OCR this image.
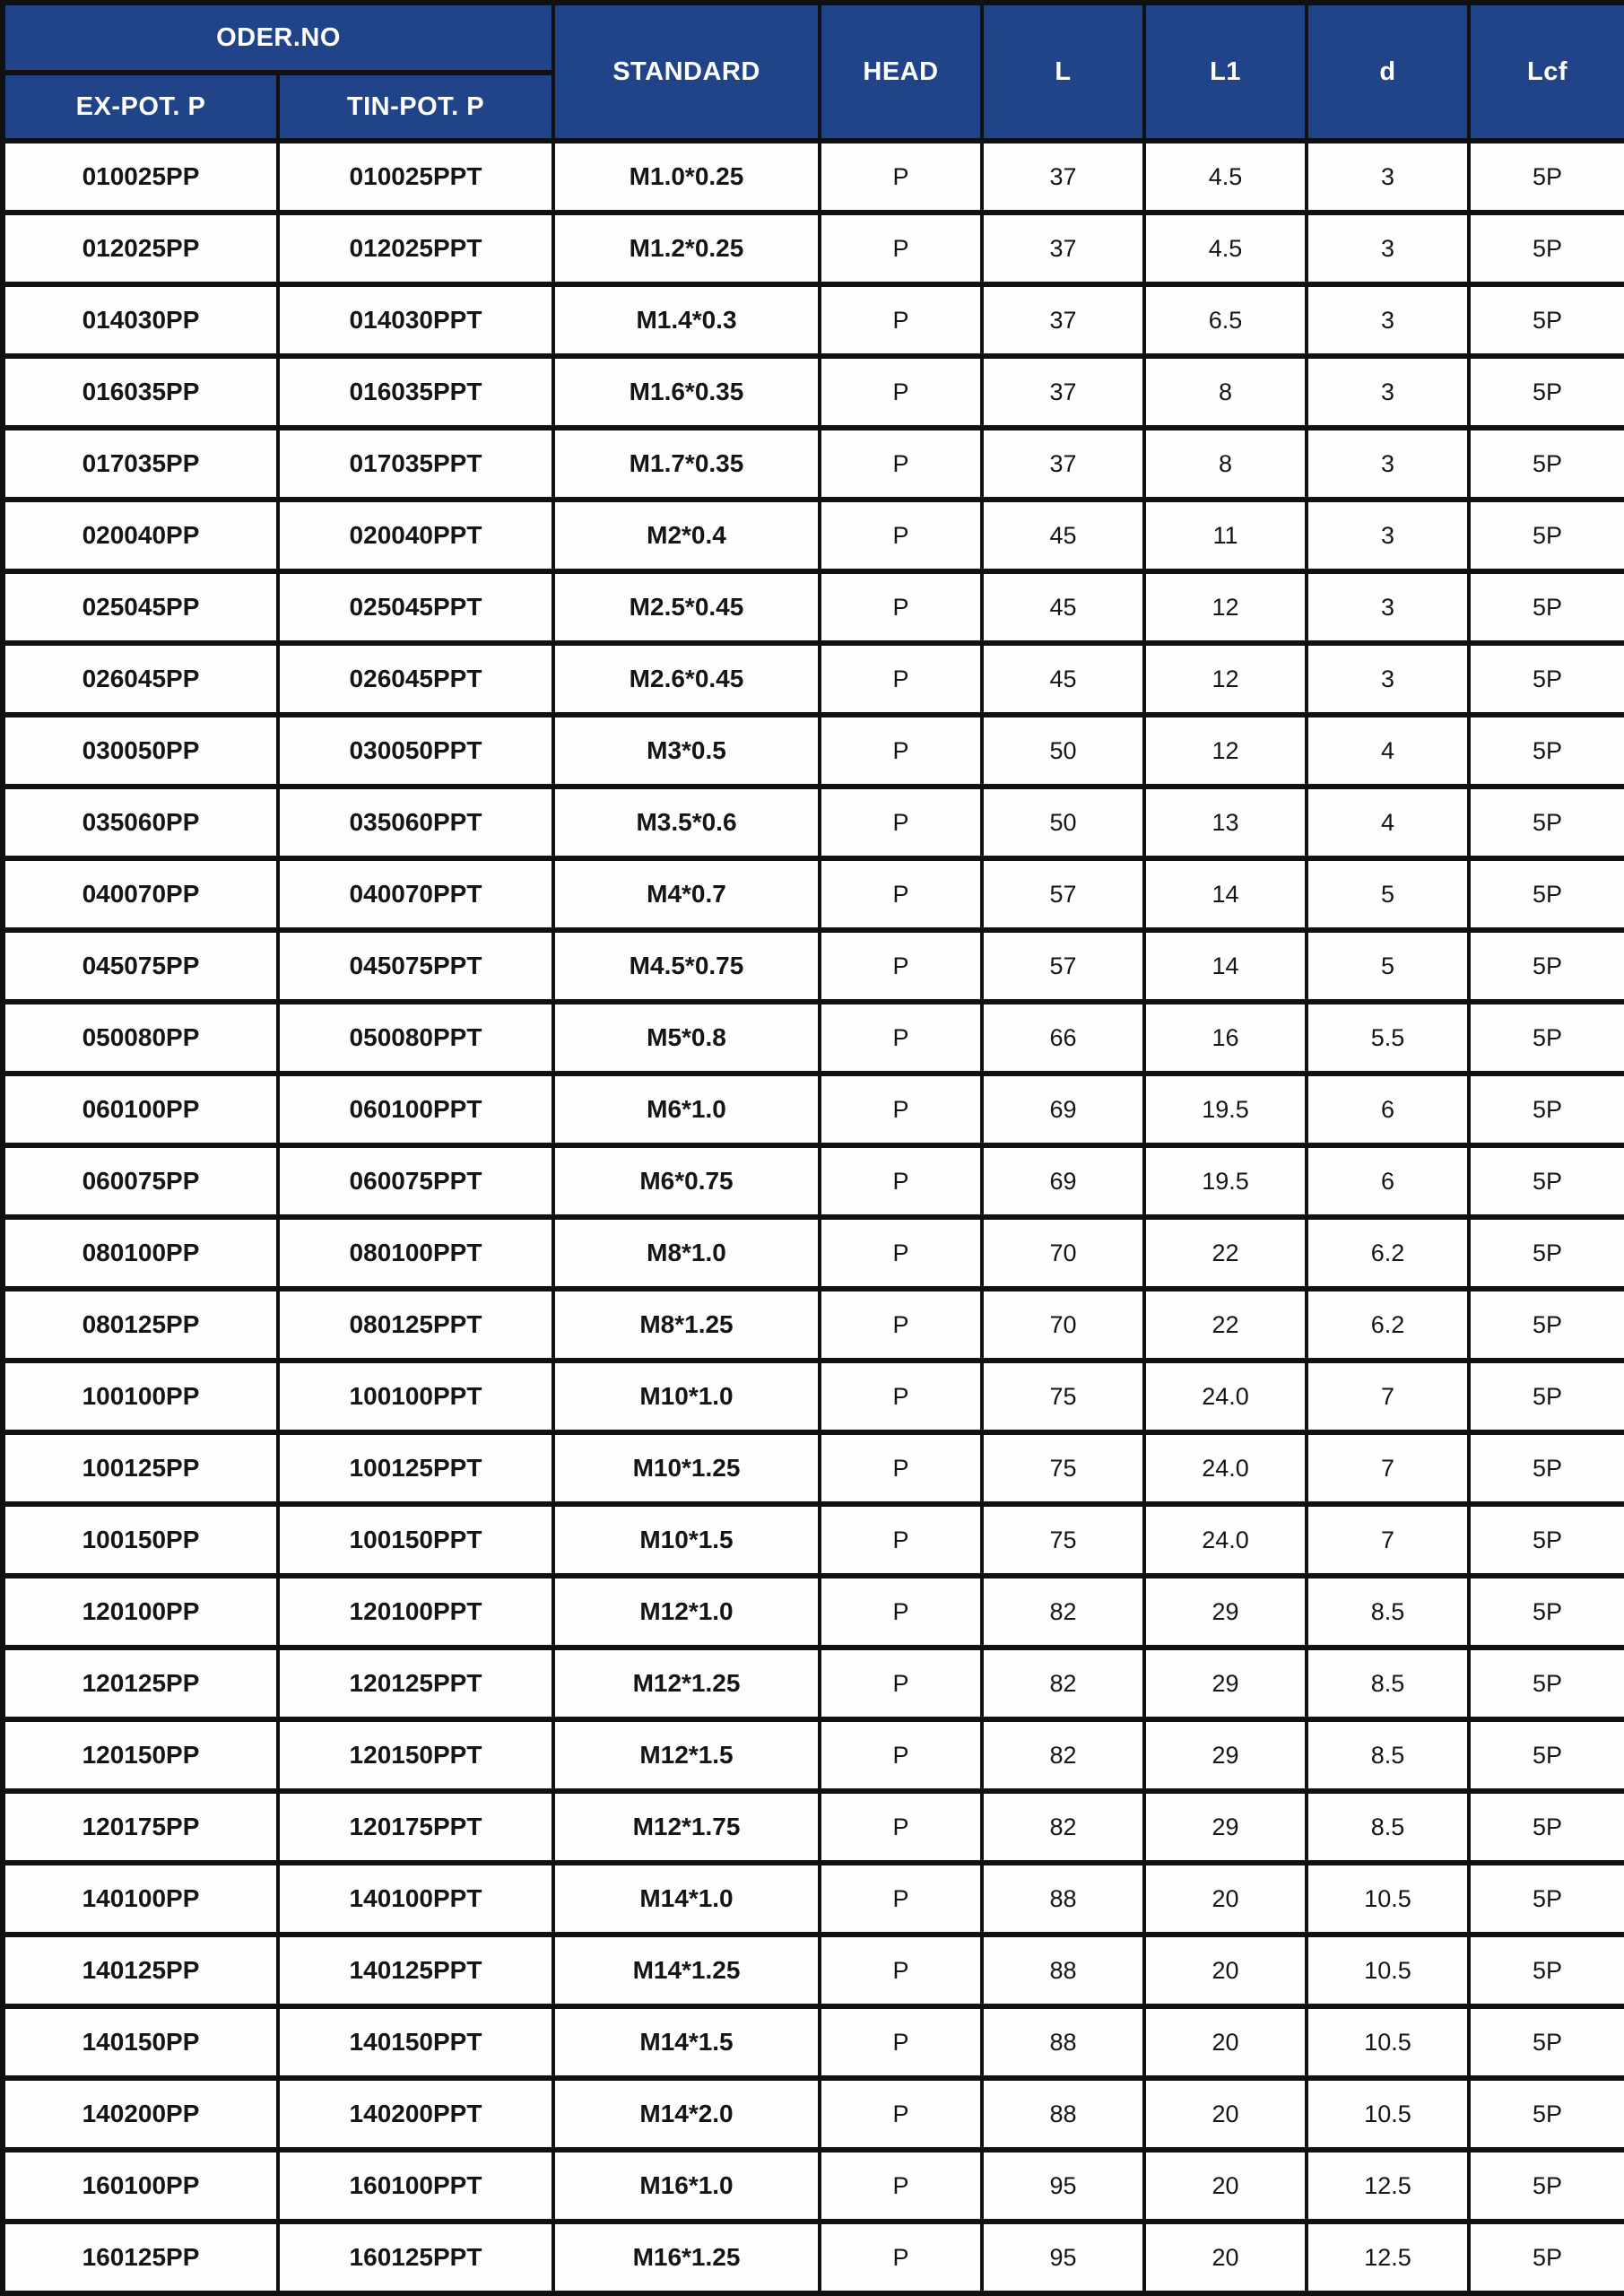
ODER.NO		STANDARD	HEAD	L	L1	d	Lcf
EX-POT. P	TIN-POT. P						
010025PP	010025PPT	M1.0*0.25	P	37	4.5	3	5P
012025PP	012025PPT	M1.2*0.25	P	37	4.5	3	5P
014030PP	014030PPT	M1.4*0.3	P	37	6.5	3	5P
016035PP	016035PPT	M1.6*0.35	P	37	8	3	5P
017035PP	017035PPT	M1.7*0.35	P	37	8	3	5P
020040PP	020040PPT	M2*0.4	P	45	11	3	5P
025045PP	025045PPT	M2.5*0.45	P	45	12	3	5P
026045PP	026045PPT	M2.6*0.45	P	45	12	3	5P
030050PP	030050PPT	M3*0.5	P	50	12	4	5P
035060PP	035060PPT	M3.5*0.6	P	50	13	4	5P
040070PP	040070PPT	M4*0.7	P	57	14	5	5P
045075PP	045075PPT	M4.5*0.75	P	57	14	5	5P
050080PP	050080PPT	M5*0.8	P	66	16	5.5	5P
060100PP	060100PPT	M6*1.0	P	69	19.5	6	5P
060075PP	060075PPT	M6*0.75	P	69	19.5	6	5P
080100PP	080100PPT	M8*1.0	P	70	22	6.2	5P
080125PP	080125PPT	M8*1.25	P	70	22	6.2	5P
100100PP	100100PPT	M10*1.0	P	75	24.0	7	5P
100125PP	100125PPT	M10*1.25	P	75	24.0	7	5P
100150PP	100150PPT	M10*1.5	P	75	24.0	7	5P
120100PP	120100PPT	M12*1.0	P	82	29	8.5	5P
120125PP	120125PPT	M12*1.25	P	82	29	8.5	5P
120150PP	120150PPT	M12*1.5	P	82	29	8.5	5P
120175PP	120175PPT	M12*1.75	P	82	29	8.5	5P
140100PP	140100PPT	M14*1.0	P	88	20	10.5	5P
140125PP	140125PPT	M14*1.25	P	88	20	10.5	5P
140150PP	140150PPT	M14*1.5	P	88	20	10.5	5P
140200PP	140200PPT	M14*2.0	P	88	20	10.5	5P
160100PP	160100PPT	M16*1.0	P	95	20	12.5	5P
160125PP	160125PPT	M16*1.25	P	95	20	12.5	5P
